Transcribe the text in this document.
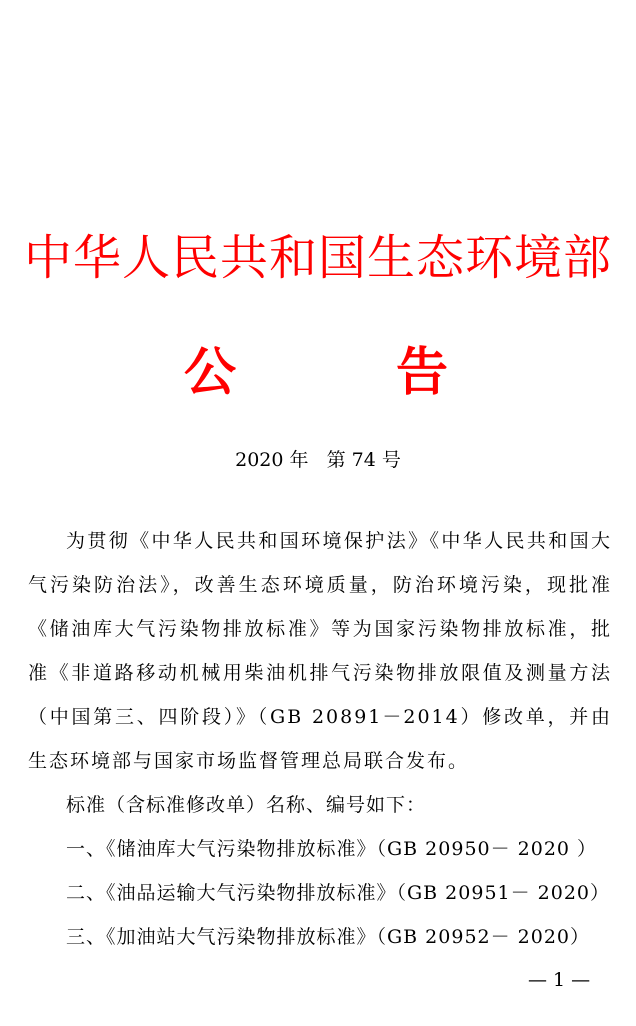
中华人民共和国生态环境部
公	告
2020 年   第 74 号

为贯彻《中华人民共和国环境保护法》《中华人民共和国大气污染防治法》，改善生态环境质量，防治环境污染，现批准《储油库大气污染物排放标准》等为国家污染物排放标准，批准《非道路移动机械用柴油机排气污染物排放限值及测量方法（中国第三、四阶段）》（GB 20891－2014）修改单，并由生态环境部与国家市场监督管理总局联合发布。

标准（含标准修改单）名称、编号如下：

一、《储油库大气污染物排放标准》（GB 20950－ 2020 ）

二、《油品运输大气污染物排放标准》（GB 20951－ 2020）

三、《加油站大气污染物排放标准》（GB 20952－ 2020）

— 1 —
